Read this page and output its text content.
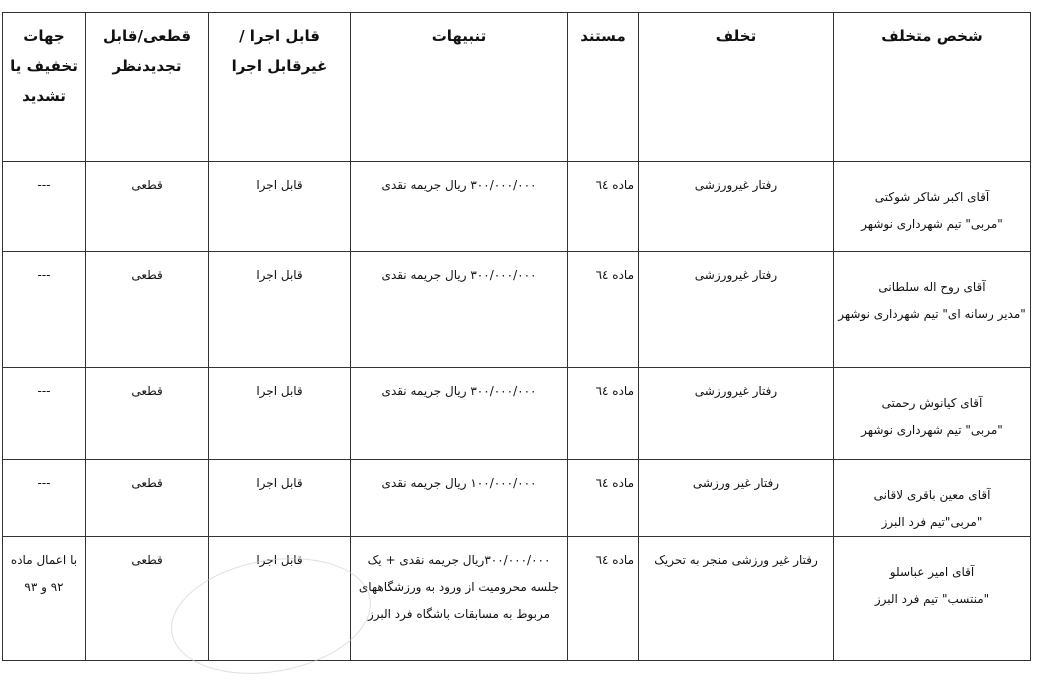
شخص متخلف	تخلف	مستند	تنبیهات	قابل اجرا /غیرقابل اجرا	قطعی/قابل تجدیدنظر	جهات تخفیف یا تشدید

آقای اکبر شاکر شوکتی
"مربی" تیم شهرداری نوشهر	رفتار غیرورزشی	ماده ٦٤	۳۰۰/۰۰۰/۰۰۰ ریال جریمه نقدی	قابل اجرا	قطعی	---

آقای روح اله سلطانی
"مدیر رسانه ای" تیم شهرداری نوشهر	رفتار غیرورزشی	ماده ٦٤	۳۰۰/۰۰۰/۰۰۰ ریال جریمه نقدی	قابل اجرا	قطعی	---

آقای کیانوش رحمتی
"مربی" تیم شهرداری نوشهر	رفتار غیرورزشی	ماده ٦٤	۳۰۰/۰۰۰/۰۰۰ ریال جریمه نقدی	قابل اجرا	قطعی	---

آقای معین باقری لاقانی
"مربی"تیم فرد البرز	رفتار غیر ورزشی	ماده ٦٤	۱۰۰/۰۰۰/۰۰۰ ریال جریمه نقدی	قابل اجرا	قطعی	---

آقای امیر عباسلو
"منتسب" تیم فرد البرز	رفتار غیر ورزشی منجر به تحریک	ماده ٦٤	۳۰۰/۰۰۰/۰۰۰ریال جریمه نقدی + یک جلسه محرومیت از ورود به ورزشگاههای مربوط به مسابقات باشگاه فرد البرز	قابل اجرا	قطعی	با اعمال ماده ۹۲ و ۹۳
